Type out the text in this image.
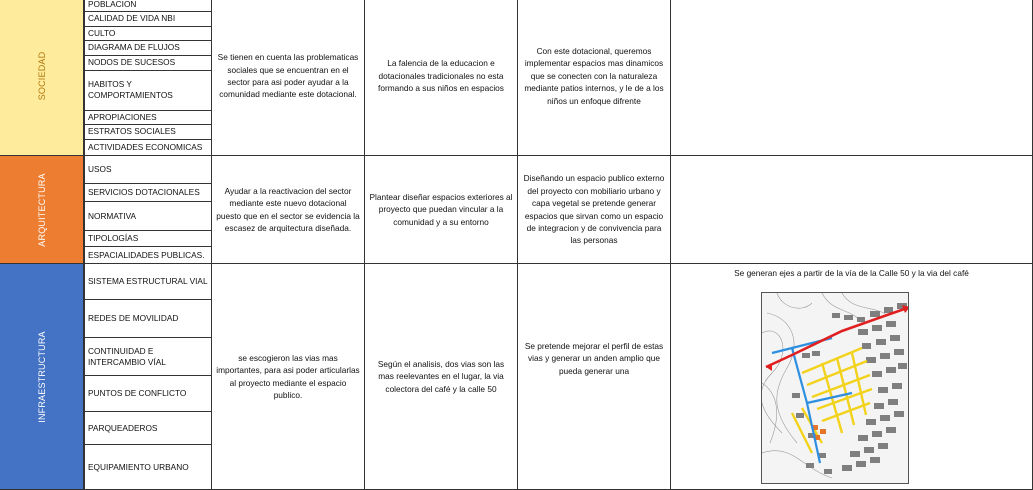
SOCIEDAD
POBLACION
CALIDAD DE VIDA NBI
CULTO
DIAGRAMA DE FLUJOS
NODOS DE SUCESOS
HABITOS Y COMPORTAMIENTOS
APROPIACIONES
ESTRATOS SOCIALES
ACTIVIDADES ECONOMICAS
Se tienen en cuenta las problematicas sociales que se encuentran en el sector para asi poder ayudar a la comunidad mediante este dotacional.
La falencia de la educacion e dotacionales tradicionales no esta formando a sus niños en espacios
Con este dotacional, queremos implementar espacios mas dinamicos que se conecten con la naturaleza mediante patios internos, y le de a los niños un enfoque difrente
ARQUITECTURA
USOS
SERVICIOS DOTACIONALES
NORMATIVA
TIPOLOGÍAS
ESPACIALIDADES PUBLICAS.
Ayudar a la reactivacion del sector mediante este nuevo dotacional puesto que en el sector se evidencia la escasez de arquitectura diseñada.
Plantear diseñar espacios exteriores al proyecto que puedan vincular a la comunidad y a su entorno
Diseñando un espacio publico externo del proyecto con mobiliario urbano y capa vegetal se pretende generar espacios que sirvan como un espacio de integracion y de convivencia para las personas
INFRAESTRUCTURA
SISTEMA ESTRUCTURAL VIAL
REDES DE MOVILIDAD
CONTINUIDAD E INTERCAMBIO VÍAL
PUNTOS DE CONFLICTO
PARQUEADEROS
EQUIPAMIENTO URBANO
se escogieron las vias mas importantes, para asi poder articularlas al proyecto mediante el espacio publico.
Según el analisis, dos vias son las mas reelevantes en el lugar, la via colectora del café y la calle 50
Se pretende mejorar el perfil de estas vias y generar un anden amplio que pueda generar una
Se generan ejes a partir de la vía de la Calle 50 y la via del café
